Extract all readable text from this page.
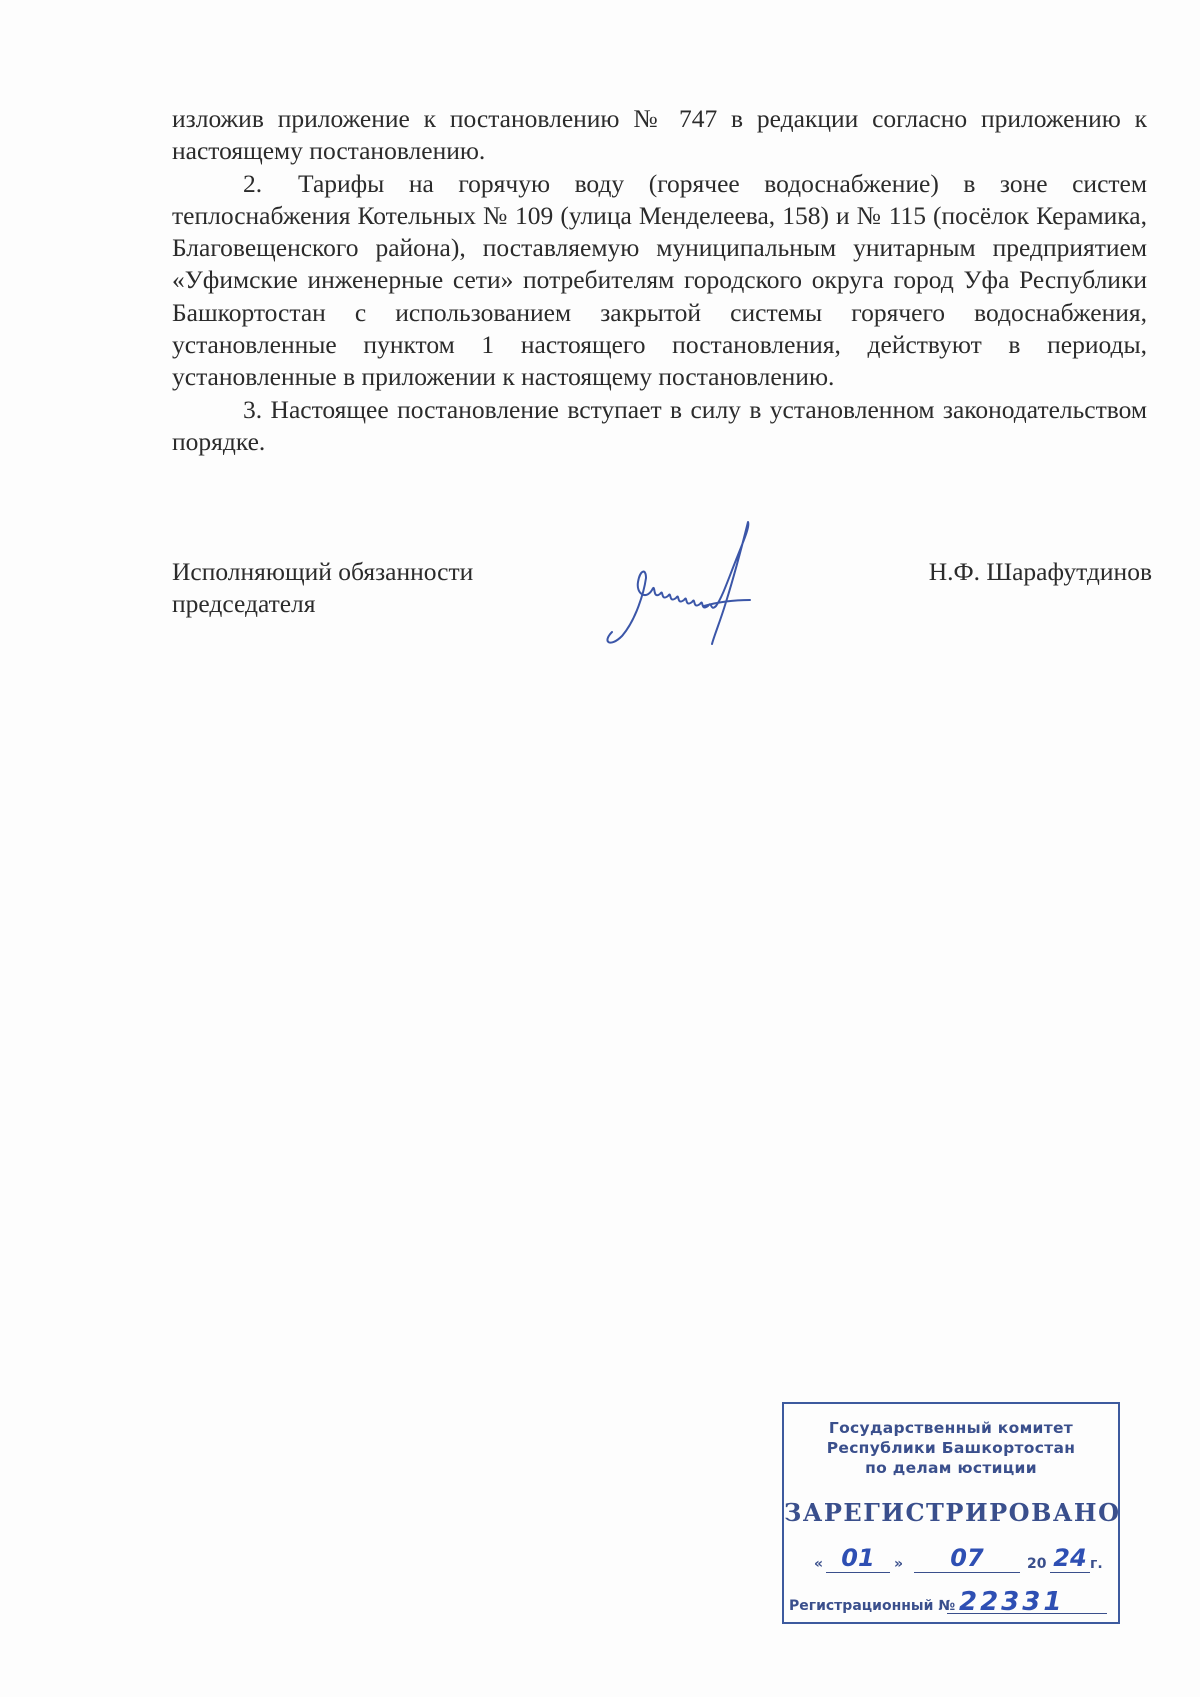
изложив приложение к постановлению № 747 в редакции согласно приложению к настоящему постановлению.

2. Тарифы на горячую воду (горячее водоснабжение) в зоне систем теплоснабжения Котельных № 109 (улица Менделеева, 158) и № 115 (посёлок Керамика, Благовещенского района), поставляемую муниципальным унитарным предприятием «Уфимские инженерные сети» потребителям городского округа город Уфа Республики Башкортостан с использованием закрытой системы горячего водоснабжения, установленные пунктом 1 настоящего постановления, действуют в периоды, установленные в приложении к настоящему постановлению.

3. Настоящее постановление вступает в силу в установленном законодательством порядке.

Исполняющий обязанности
председателя
Н.Ф. Шарафутдинов
Государственный комитет
Республики Башкортостан
по делам юстиции
ЗАРЕГИСТРИРОВАНО
« 01	»	07	20 24 г.
Регистрационный № 22331
